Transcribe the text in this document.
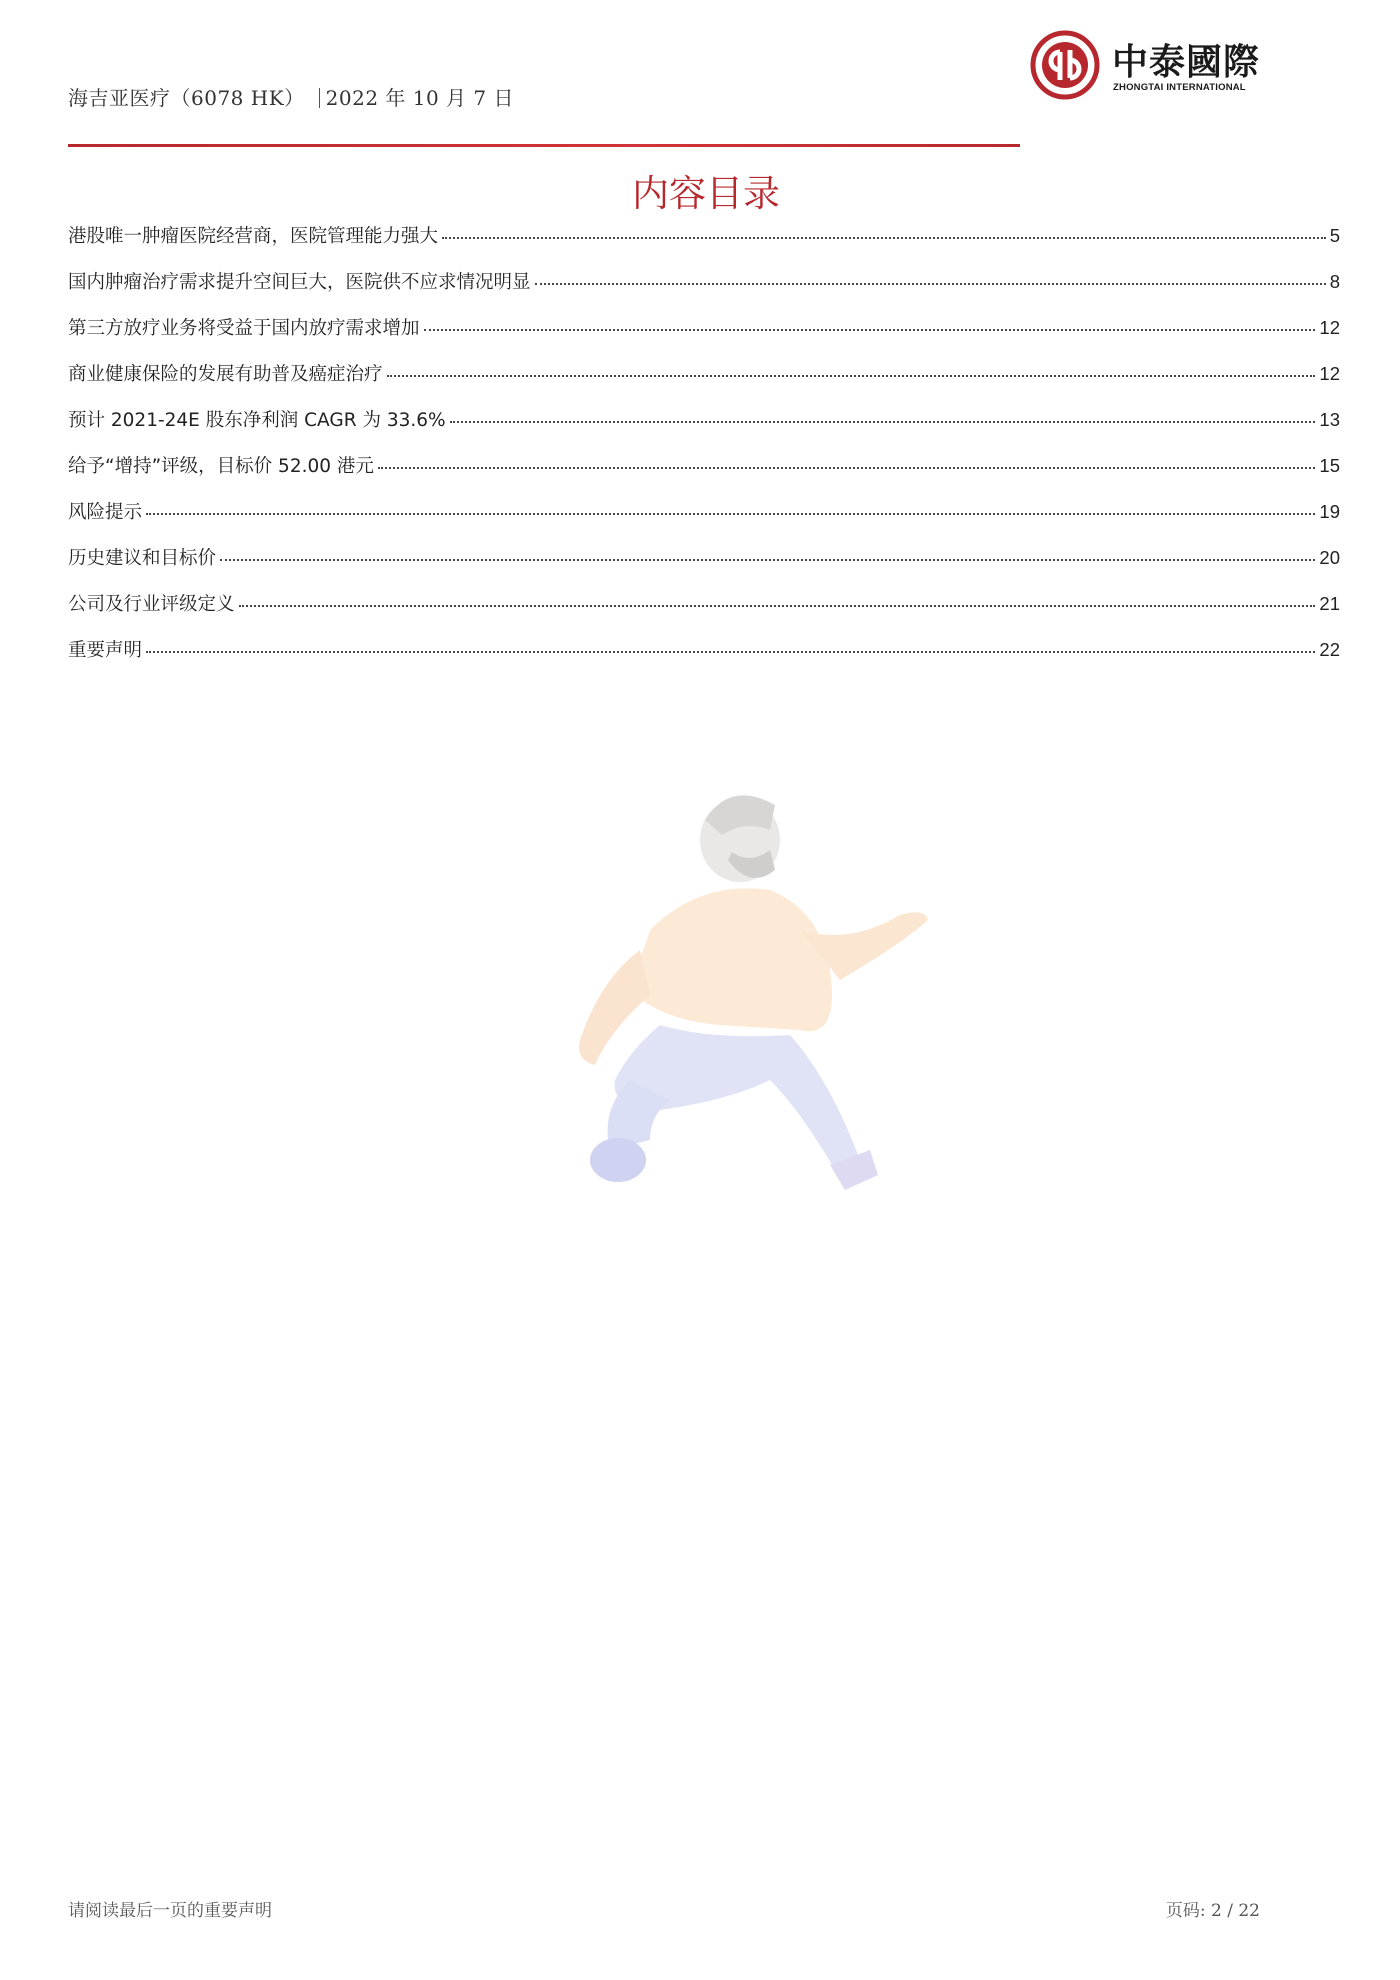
海吉亚医疗（6078 HK） 2022 年 10 月 7 日
中泰國際
ZHONGTAI INTERNATIONAL
内容目录
港股唯一肿瘤医院经营商，医院管理能力强大	5
国内肿瘤治疗需求提升空间巨大，医院供不应求情况明显	8
第三方放疗业务将受益于国内放疗需求增加	12
商业健康保险的发展有助普及癌症治疗	12
预计 2021-24E 股东净利润 CAGR 为 33.6%	13
给予“增持”评级，目标价 52.00 港元	15
风险提示	19
历史建议和目标价	20
公司及行业评级定义	21
重要声明	22
请阅读最后一页的重要声明	页码: 2 / 22
